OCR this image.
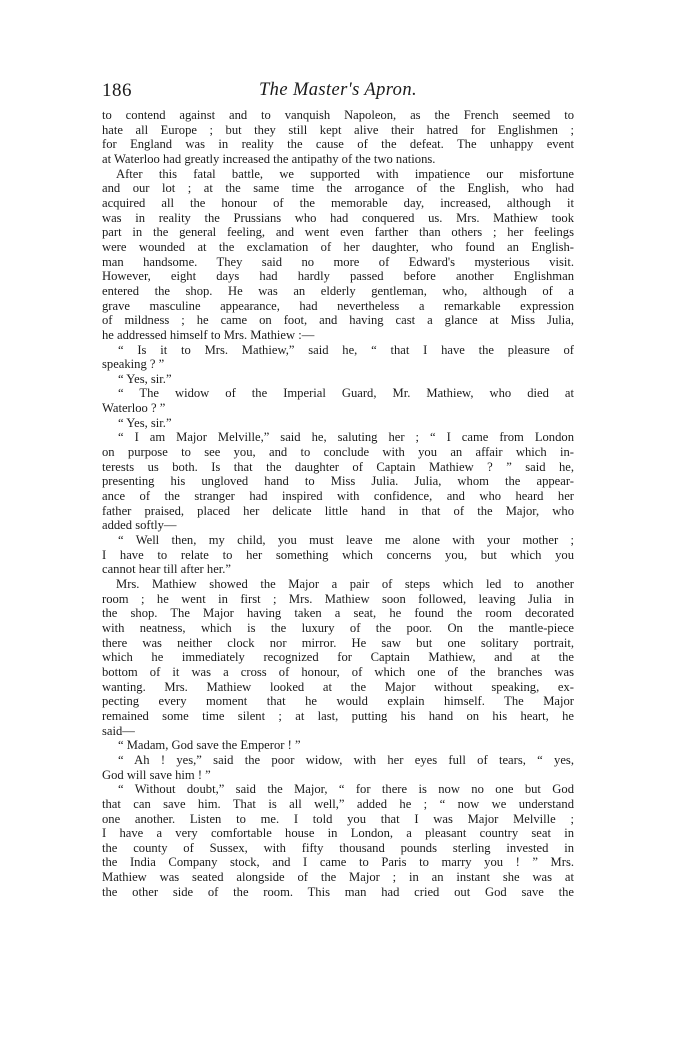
186	The Master's Apron.
to contend against and to vanquish Napoleon, as the French seemed to
hate all Europe ; but they still kept alive their hatred for Englishmen ;
for England was in reality the cause of the defeat. The unhappy event
at Waterloo had greatly increased the antipathy of the two nations.
After this fatal battle, we supported with impatience our misfortune
and our lot ; at the same time the arrogance of the English, who had
acquired all the honour of the memorable day, increased, although it
was in reality the Prussians who had conquered us. Mrs. Mathiew took
part in the general feeling, and went even farther than others ; her feelings
were wounded at the exclamation of her daughter, who found an English-
man handsome. They said no more of Edward's mysterious visit.
However, eight days had hardly passed before another Englishman
entered the shop. He was an elderly gentleman, who, although of a
grave masculine appearance, had nevertheless a remarkable expression
of mildness ; he came on foot, and having cast a glance at Miss Julia,
he addressed himself to Mrs. Mathiew :—
“ Is it to Mrs. Mathiew,” said he, “ that I have the pleasure of
speaking ? ”
“ Yes, sir.”
“ The widow of the Imperial Guard, Mr. Mathiew, who died at
Waterloo ? ”
“ Yes, sir.”
“ I am Major Melville,” said he, saluting her ; “ I came from London
on purpose to see you, and to conclude with you an affair which in-
terests us both. Is that the daughter of Captain Mathiew ? ” said he,
presenting his ungloved hand to Miss Julia. Julia, whom the appear-
ance of the stranger had inspired with confidence, and who heard her
father praised, placed her delicate little hand in that of the Major, who
added softly—
“ Well then, my child, you must leave me alone with your mother ;
I have to relate to her something which concerns you, but which you
cannot hear till after her.”
Mrs. Mathiew showed the Major a pair of steps which led to another
room ; he went in first ; Mrs. Mathiew soon followed, leaving Julia in
the shop. The Major having taken a seat, he found the room decorated
with neatness, which is the luxury of the poor. On the mantle-piece
there was neither clock nor mirror. He saw but one solitary portrait,
which he immediately recognized for Captain Mathiew, and at the
bottom of it was a cross of honour, of which one of the branches was
wanting. Mrs. Mathiew looked at the Major without speaking, ex-
pecting every moment that he would explain himself. The Major
remained some time silent ; at last, putting his hand on his heart, he
said—
“ Madam, God save the Emperor ! ”
“ Ah ! yes,” said the poor widow, with her eyes full of tears, “ yes,
God will save him ! ”
“ Without doubt,” said the Major, “ for there is now no one but God
that can save him. That is all well,” added he ; “ now we understand
one another. Listen to me. I told you that I was Major Melville ;
I have a very comfortable house in London, a pleasant country seat in
the county of Sussex, with fifty thousand pounds sterling invested in
the India Company stock, and I came to Paris to marry you ! ” Mrs.
Mathiew was seated alongside of the Major ; in an instant she was at
the other side of the room. This man had cried out God save the
